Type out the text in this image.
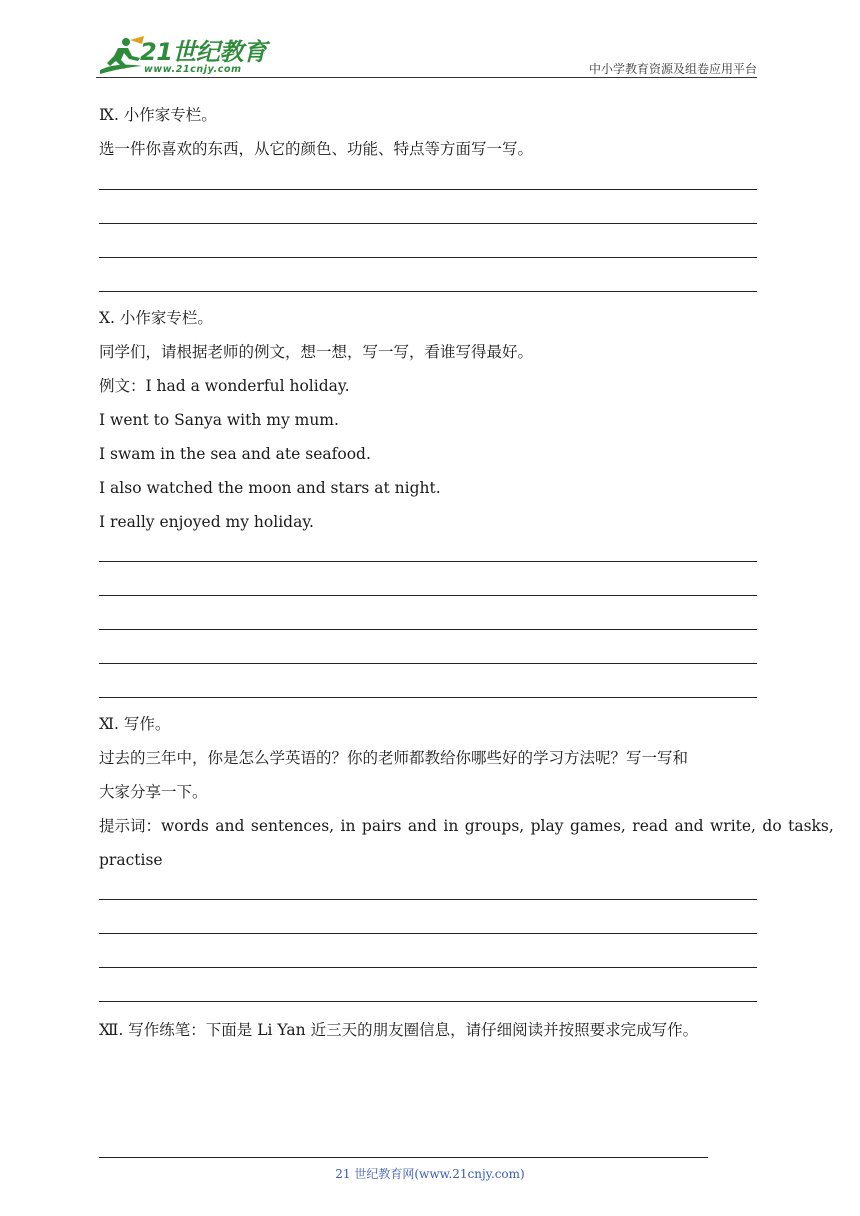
21世纪教育
www.21cnjy.com	中小学教育资源及组卷应用平台
Ⅸ. 小作家专栏。
选一件你喜欢的东西，从它的颜色、功能、特点等方面写一写。
Ⅹ. 小作家专栏。
同学们，请根据老师的例文，想一想，写一写，看谁写得最好。
例文：I had a wonderful holiday.
I went to Sanya with my mum.
I swam in the sea and ate seafood.
I also watched the moon and stars at night.
I really enjoyed my holiday.
Ⅺ. 写作。
过去的三年中，你是怎么学英语的？你的老师都教给你哪些好的学习方法呢？写一写和
大家分享一下。
提示词：words and sentences, in pairs and in groups, play games, read and write, do tasks,
practise
Ⅻ. 写作练笔：下面是 Li Yan 近三天的朋友圈信息，请仔细阅读并按照要求完成写作。
21 世纪教育网(www.21cnjy.com)
